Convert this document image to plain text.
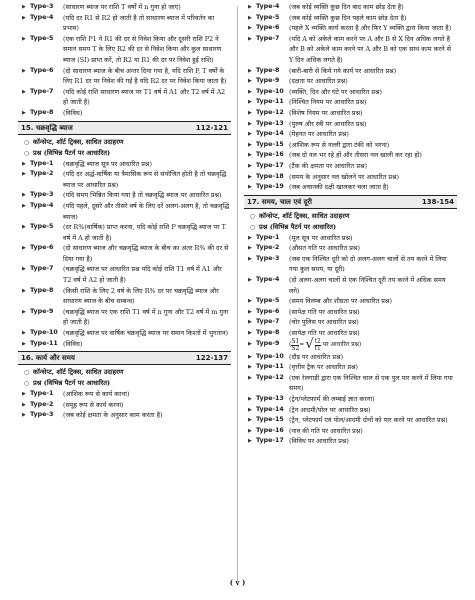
▶ Type-3	(साधारण ब्याज पर राशि T वर्षों में n गुना हो जाए)
▶ Type-4	(यदि दर R1 से R2 हो जाती है तो साधारण ब्याज में परिवर्तन का प्रभाव)
▶ Type-5	(एक राशि P1 ने R1 की दर से निवेश किया और दूसरी राशि P2 ने समान समय T के लिए R2 की दर से निवेश किया और कुल साधारण ब्याज (SI) प्राप्त करें, तो R2 या R1 की दर पर निवेश हुई राशि)
▶ Type-6	(दो साधारण ब्याज के बीच अन्तर दिया गया है, यदि राशि P, T वर्षों के लिए R1 दर पर निवेश की गई है यदि R2 दर पर निवेश किया जाता है)
▶ Type-7	(यदि कोई राशि साधारण ब्याज पर T1 वर्ष में A1 और T2 वर्ष में A2 हो जाती है)
▶ Type-8	(विविध)
15. चक्रवृद्धि ब्याज	112-121
○ कॉन्सेप्ट, शॉर्ट ट्रिक्स, साधित उदाहरण
○ प्रश्न (विभिन्न पैटर्न पर आधारित)
▶ Type-1	(चक्रवृद्धि ब्याज सूत्र पर आधारित प्रश्न)
▶ Type-2	(यदि दर अर्द्ध-वार्षिक या त्रैमासिक रूप से संयोजित होती है तो चक्रवृद्धि ब्याज पर आधारित प्रश्न)
▶ Type-3	(यदि समय भिन्नित किया गया है तो चक्रवृद्धि ब्याज पर आधारित प्रश्न)
▶ Type-4	(यदि पहले, दूसरे और तीसरे वर्ष के लिए दरें अलग-अलग है, तो चक्रवृद्धि ब्याज)
▶ Type-5	(दर R%(वार्षिक) प्राप्त करना, यदि कोई राशि P चक्रवृद्धि ब्याज पर T वर्ष में A हो जाती है)
▶ Type-6	(दो साधारण ब्याज और चक्रवृद्धि ब्याज के बीच का अंतर R% की दर से दिया गया है)
▶ Type-7	(चक्रवृद्धि ब्याज पर आधारित प्रश्न यदि कोई राशि T1 वर्ष में A1 और T2 वर्ष में A2 हो जाती है)
▶ Type-8	(किसी राशि के लिए 2 वर्ष के लिए R% दर पर चक्रवृद्धि ब्याज और साधारण ब्याज के बीच सम्बन्ध)
▶ Type-9	(चक्रवृद्धि ब्याज पर एक राशि T1 वर्ष में n गुना और T2 वर्ष में m गुना हो जाती है)
▶ Type-10 (चक्रवृद्धि ब्याज पर वार्षिक चक्रवृद्धि ब्याज पर समान किश्तों में भुगतान)
▶ Type-11 (विविध)
16. कार्य और समय	122-137
○ कॉन्सेप्ट, शॉर्ट ट्रिक्स, साधित उदाहरण
○ प्रश्न (विभिन्न पैटर्न पर आधारित)
▶ Type-1	(आंशिक रूप से कार्य करना)
▶ Type-2	(समूह रूप से कार्य करना)
▶ Type-3	(जब कोई क्षमता के अनुसार काम करता है)
▶ Type-4	(जब कोई व्यक्ति कुछ दिन बाद काम छोड़ देता है)
▶ Type-5	(जब कोई व्यक्ति कुछ दिन पहले काम छोड़ देता है)
▶ Type-6	(पहले X व्यक्ति कार्य करता है और फिर Y व्यक्ति द्वारा किया जाता है)
▶ Type-7	(यदि A को अकेले काम करने पर A और B से X दिन अधिक लगते है और B को अकेले काम करने पर A और B को एक साथ काम करने से Y दिन अधिक लगते है)
▶ Type-8	(बारी-बारी से किये गये कार्य पर आधारित प्रश्न)
▶ Type-9	(दक्षता पर आधारित प्रश्न)
▶ Type-10 (व्यक्ति, दिन और घंटे पर आधारित प्रश्न)
▶ Type-11 (निश्चित नियम पर आधारित प्रश्न)
▶ Type-12 (विशेष नियम पर आधारित प्रश्न)
▶ Type-13 (पुरुष और स्त्री पर आधारित प्रश्न)
▶ Type-14 (मेहनत पर आधारित प्रश्न)
▶ Type-15 (आंशिक रूप से नल्ली द्वारा टंकी को भरना)
▶ Type-16 (जब दो नल भर रहे हों और तीसरा नल खाली कर रहा हो)
▶ Type-17 (टैंक की क्षमता पर आधारित प्रश्न)
▶ Type-18 (समय के अनुसार नल खोलने पर आधारित प्रश्न)
▶ Type-19 (जब अचानकी दक्षी खालकर चला जाता है)
17. समय, चाल एवं दूरी	138-154
○ कॉन्सेप्ट, शॉर्ट ट्रिक्स, साधित उदाहरण
○ प्रश्न (विभिन्न पैटर्न पर आधारित)
▶ Type-1	(मूल सूत्र पर आधारित प्रश्न)
▶ Type-2	(औसत गति पर आधारित प्रश्न)
▶ Type-3	(जब एक निश्चित दूरी को दो अलग-अलग चालों से तय करने में लिया गया कुल समय, या दूरी)
▶ Type-4	(दो अलग-अलग चालों से एक निश्चित दूरी तय करने में अधिक समय लगे)
▶ Type-5	(समय विलम्ब और शीघ्रता पर आधारित प्रश्न)
▶ Type-6	(सापेक्ष गति पर आधारित प्रश्न)
▶ Type-7	(चोर पुलिस पर आधारित प्रश्न)
▶ Type-8	(सापेक्ष गति पर आधारित प्रश्न)
▶ Type-9	( S1
S2
= √ t2
t1

पर आधारित प्रश्न)
▶ Type-10 (दौड़ पर आधारित प्रश्न)
▶ Type-11 (वृत्तीय ट्रैक पर आधारित प्रश्न)
▶ Type-12 (एक रेलगाड़ी द्वारा एक निश्चित चाल से एक पुल पार करने में लिया गया समय)
▶ Type-13 (ट्रेन/प्लेटफार्म की लम्बाई ज्ञात करना)
▶ Type-14 (ट्रेन आदमी/पोल पर आधारित प्रश्न)
▶ Type-15 (ट्रेन, प्लेटफार्म एवं पोल/आदमी दोनों को पार करने पर आधारित प्रश्न)
▶ Type-16 (नाव की गति पर आधारित प्रश्न)
▶ Type-17 (विविध पर आधारित प्रश्न)
( v )
